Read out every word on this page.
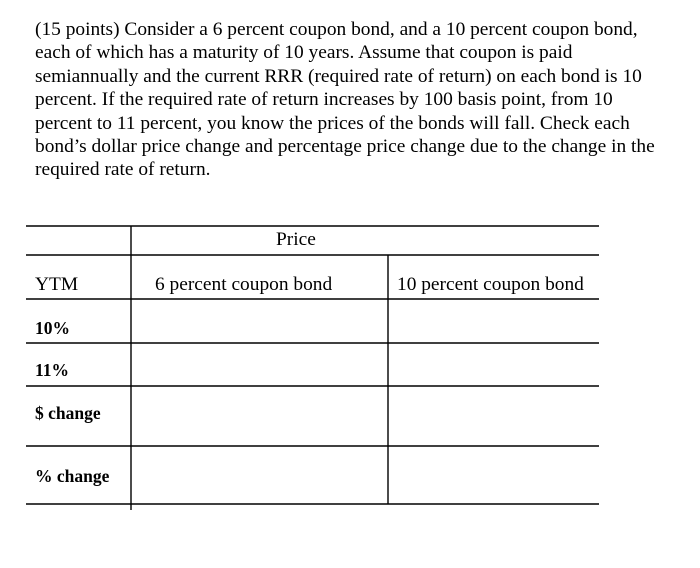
(15 points) Consider a 6 percent coupon bond, and a 10 percent coupon bond,
each of which has a maturity of 10 years. Assume that coupon is paid
semiannually and the current RRR (required rate of return) on each bond is 10
percent. If the required rate of return increases by 100 basis point, from 10
percent to 11 percent, you know the prices of the bonds will fall. Check each
bond’s dollar price change and percentage price change due to the change in the
required rate of return.
Price
YTM	6 percent coupon bond	10 percent coupon bond
10%
11%
$ change
% change
